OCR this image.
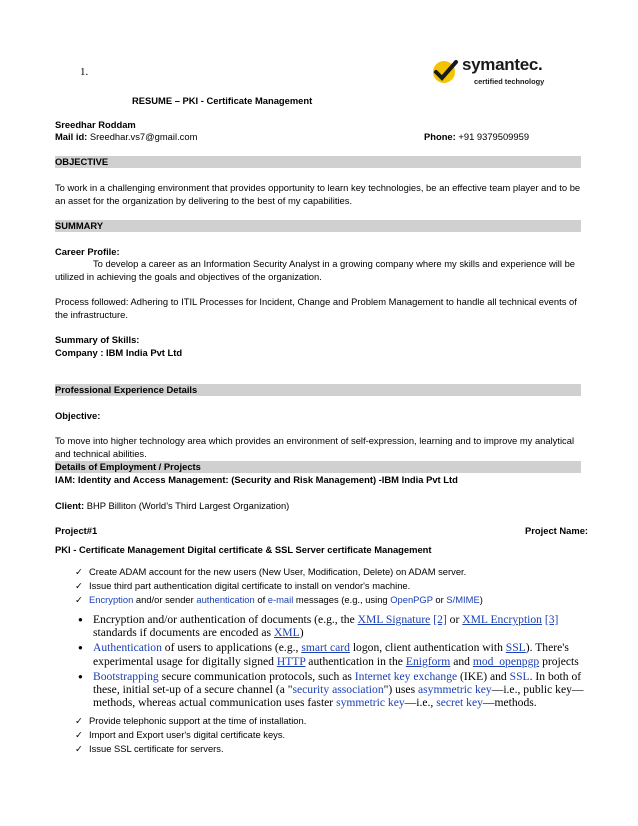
1.	symantec.
certified technology
RESUME – PKI - Certificate Management
Sreedhar Roddam
Mail id: Sreedhar.vs7@gmail.com	Phone: +91 9379509959
OBJECTIVE
To work in a challenging environment that provides opportunity to learn key technologies, be an effective team player and to be an asset for the organization by delivering to the best of my capabilities.
SUMMARY
Career Profile:
To develop a career as an Information Security Analyst in a growing company where my skills and experience will be utilized in achieving the goals and objectives of the organization.
Process followed: Adhering to ITIL Processes for Incident, Change and Problem Management to handle all technical events of the infrastructure.
Summary of Skills:
Company : IBM India Pvt Ltd
Professional Experience Details
Objective:
To move into higher technology area which provides an environment of self-expression, learning and to improve my analytical and technical abilities.
Details of Employment / Projects
IAM: Identity and Access Management: (Security and Risk Management) -IBM India Pvt Ltd
Client: BHP Billiton (World’s Third Largest Organization)
Project#1	Project Name:
PKI - Certificate Management Digital certificate & SSL Server certificate Management
✓ Create ADAM account for the new users (New User, Modification, Delete) on ADAM server.
✓ Issue third part authentication digital certificate to install on vendor's machine.
✓ Encryption and/or sender authentication of e-mail messages (e.g., using OpenPGP or S/MIME)
● Encryption and/or authentication of documents (e.g., the XML Signature [2] or XML Encryption [3] standards if documents are encoded as XML)
● Authentication of users to applications (e.g., smart card logon, client authentication with SSL). There's experimental usage for digitally signed HTTP authentication in the Enigform and mod_openpgp projects
● Bootstrapping secure communication protocols, such as Internet key exchange (IKE) and SSL. In both of these, initial set-up of a secure channel (a "security association") uses asymmetric key—i.e., public key—methods, whereas actual communication uses faster symmetric key—i.e., secret key—methods.
✓ Provide telephonic support at the time of installation.
✓ Import and Export user's digital certificate keys.
✓ Issue SSL certificate for servers.
